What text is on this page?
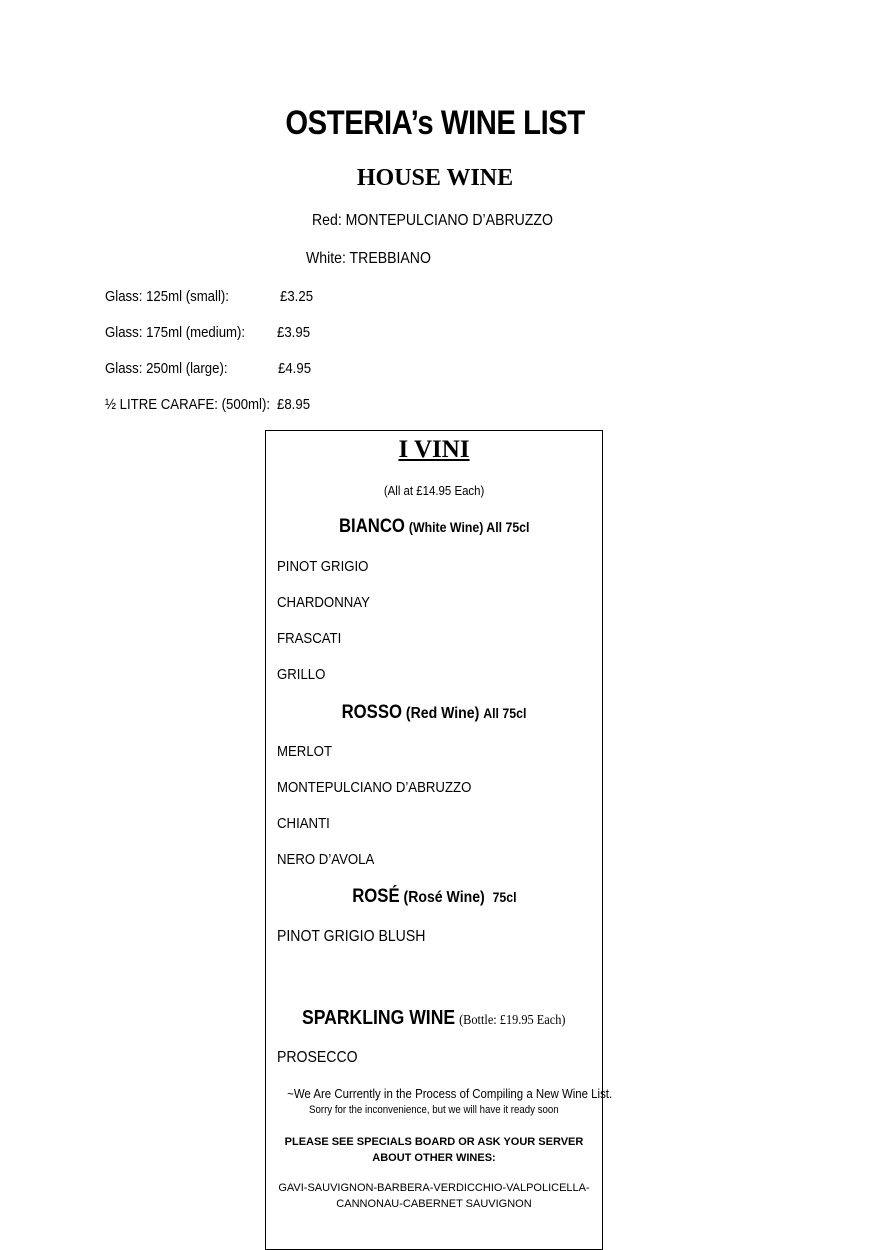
OSTERIA’s WINE LIST
HOUSE WINE
Red: MONTEPULCIANO D’ABRUZZO
White: TREBBIANO
Glass: 125ml (small):	£3.25
Glass: 175ml (medium):	£3.95
Glass: 250ml (large):	£4.95
½ LITRE CARAFE: (500ml): £8.95
I VINI
(All at £14.95 Each)
BIANCO (White Wine) All 75cl
PINOT GRIGIO
CHARDONNAY
FRASCATI
GRILLO
ROSSO (Red Wine) All 75cl
MERLOT
MONTEPULCIANO D’ABRUZZO
CHIANTI
NERO D’AVOLA
ROSÉ (Rosé Wine) 75cl
PINOT GRIGIO BLUSH
SPARKLING WINE (Bottle: £19.95 Each)
PROSECCO
~We Are Currently in the Process of Compiling a New Wine List.
Sorry for the inconvenience, but we will have it ready soon
PLEASE SEE SPECIALS BOARD OR ASK YOUR SERVER ABOUT OTHER WINES:
GAVI-SAUVIGNON-BARBERA-VERDICCHIO-VALPOLICELLA-CANNONAU-CABERNET SAUVIGNON
